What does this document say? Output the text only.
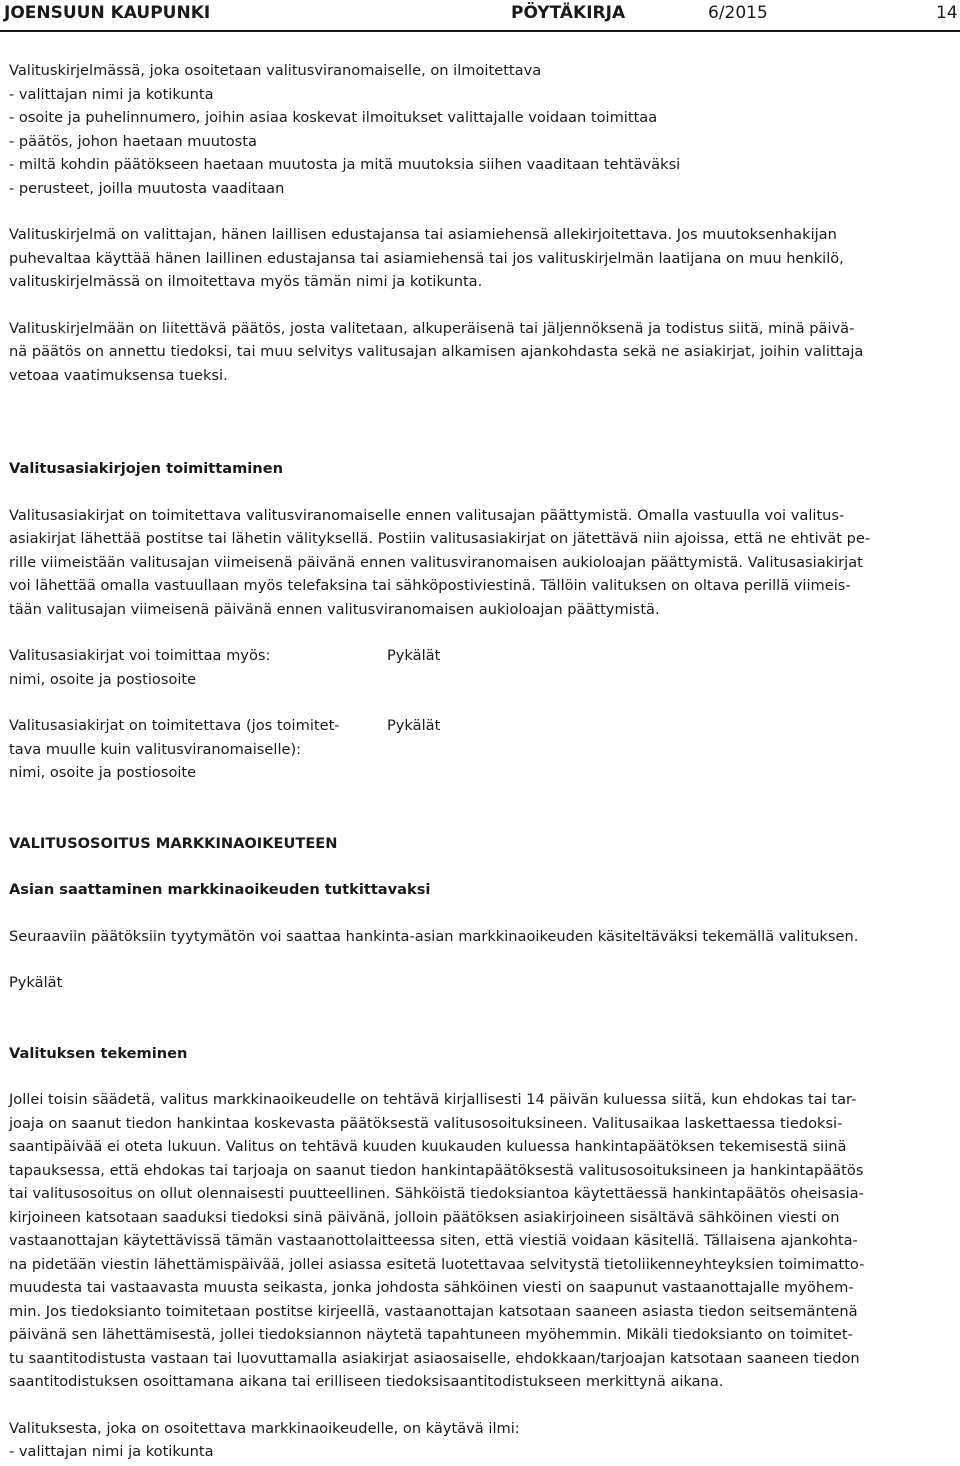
JOENSUUN KAUPUNKI	PÖYTÄKIRJA	6/2015	14
Valituskirjelmässä, joka osoitetaan valitusviranomaiselle, on ilmoitettava
- valittajan nimi ja kotikunta
- osoite ja puhelinnumero, joihin asiaa koskevat ilmoitukset valittajalle voidaan toimittaa
- päätös, johon haetaan muutosta
- miltä kohdin päätökseen haetaan muutosta ja mitä muutoksia siihen vaaditaan tehtäväksi
- perusteet, joilla muutosta vaaditaan
Valituskirjelmä on valittajan, hänen laillisen edustajansa tai asiamiehensä allekirjoitettava. Jos muutoksenhakijan
puhevaltaa käyttää hänen laillinen edustajansa tai asiamiehensä tai jos valituskirjelmän laatijana on muu henkilö,
valituskirjelmässä on ilmoitettava myös tämän nimi ja kotikunta.
Valituskirjelmään on liitettävä päätös, josta valitetaan, alkuperäisenä tai jäljennöksenä ja todistus siitä, minä päivä-
nä päätös on annettu tiedoksi, tai muu selvitys valitusajan alkamisen ajankohdasta sekä ne asiakirjat, joihin valittaja
vetoaa vaatimuksensa tueksi.
Valitusasiakirjojen toimittaminen
Valitusasiakirjat on toimitettava valitusviranomaiselle ennen valitusajan päättymistä. Omalla vastuulla voi valitus-
asiakirjat lähettää postitse tai lähetin välityksellä. Postiin valitusasiakirjat on jätettävä niin ajoissa, että ne ehtivät pe-
rille viimeistään valitusajan viimeisenä päivänä ennen valitusviranomaisen aukioloajan päättymistä. Valitusasiakirjat
voi lähettää omalla vastuullaan myös telefaksina tai sähköpostiviestinä. Tällöin valituksen on oltava perillä viimeis-
tään valitusajan viimeisenä päivänä ennen valitusviranomaisen aukioloajan päättymistä.
Valitusasiakirjat voi toimittaa myös:
nimi, osoite ja postiosoite
Pykälät
Valitusasiakirjat on toimitettava (jos toimitet-
tava muulle kuin valitusviranomaiselle):
nimi, osoite ja postiosoite
Pykälät
VALITUSOSOITUS MARKKINAOIKEUTEEN
Asian saattaminen markkinaoikeuden tutkittavaksi
Seuraaviin päätöksiin tyytymätön voi saattaa hankinta-asian markkinaoikeuden käsiteltäväksi tekemällä valituksen.
Pykälät
Valituksen tekeminen
Jollei toisin säädetä, valitus markkinaoikeudelle on tehtävä kirjallisesti 14 päivän kuluessa siitä, kun ehdokas tai tar-
joaja on saanut tiedon hankintaa koskevasta päätöksestä valitusosoituksineen. Valitusaikaa laskettaessa tiedoksi-
saantipäivää ei oteta lukuun. Valitus on tehtävä kuuden kuukauden kuluessa hankintapäätöksen tekemisestä siinä
tapauksessa, että ehdokas tai tarjoaja on saanut tiedon hankintapäätöksestä valitusosoituksineen ja hankintapäätös
tai valitusosoitus on ollut olennaisesti puutteellinen. Sähköistä tiedoksiantoa käytettäessä hankintapäätös oheisasia-
kirjoineen katsotaan saaduksi tiedoksi sinä päivänä, jolloin päätöksen asiakirjoineen sisältävä sähköinen viesti on
vastaanottajan käytettävissä tämän vastaanottolaitteessa siten, että viestiä voidaan käsitellä. Tällaisena ajankohta-
na pidetään viestin lähettämispäivää, jollei asiassa esitetä luotettavaa selvitystä tietoliikenneyhteyksien toimimatto-
muudesta tai vastaavasta muusta seikasta, jonka johdosta sähköinen viesti on saapunut vastaanottajalle myöhem-
min. Jos tiedoksianto toimitetaan postitse kirjeellä, vastaanottajan katsotaan saaneen asiasta tiedon seitsemäntenä
päivänä sen lähettämisestä, jollei tiedoksiannon näytetä tapahtuneen myöhemmin. Mikäli tiedoksianto on toimitet-
tu saantitodistusta vastaan tai luovuttamalla asiakirjat asiaosaiselle, ehdokkaan/tarjoajan katsotaan saaneen tiedon
saantitodistuksen osoittamana aikana tai erilliseen tiedoksisaantitodistukseen merkittynä aikana.
Valituksesta, joka on osoitettava markkinaoikeudelle, on käytävä ilmi:
- valittajan nimi ja kotikunta
